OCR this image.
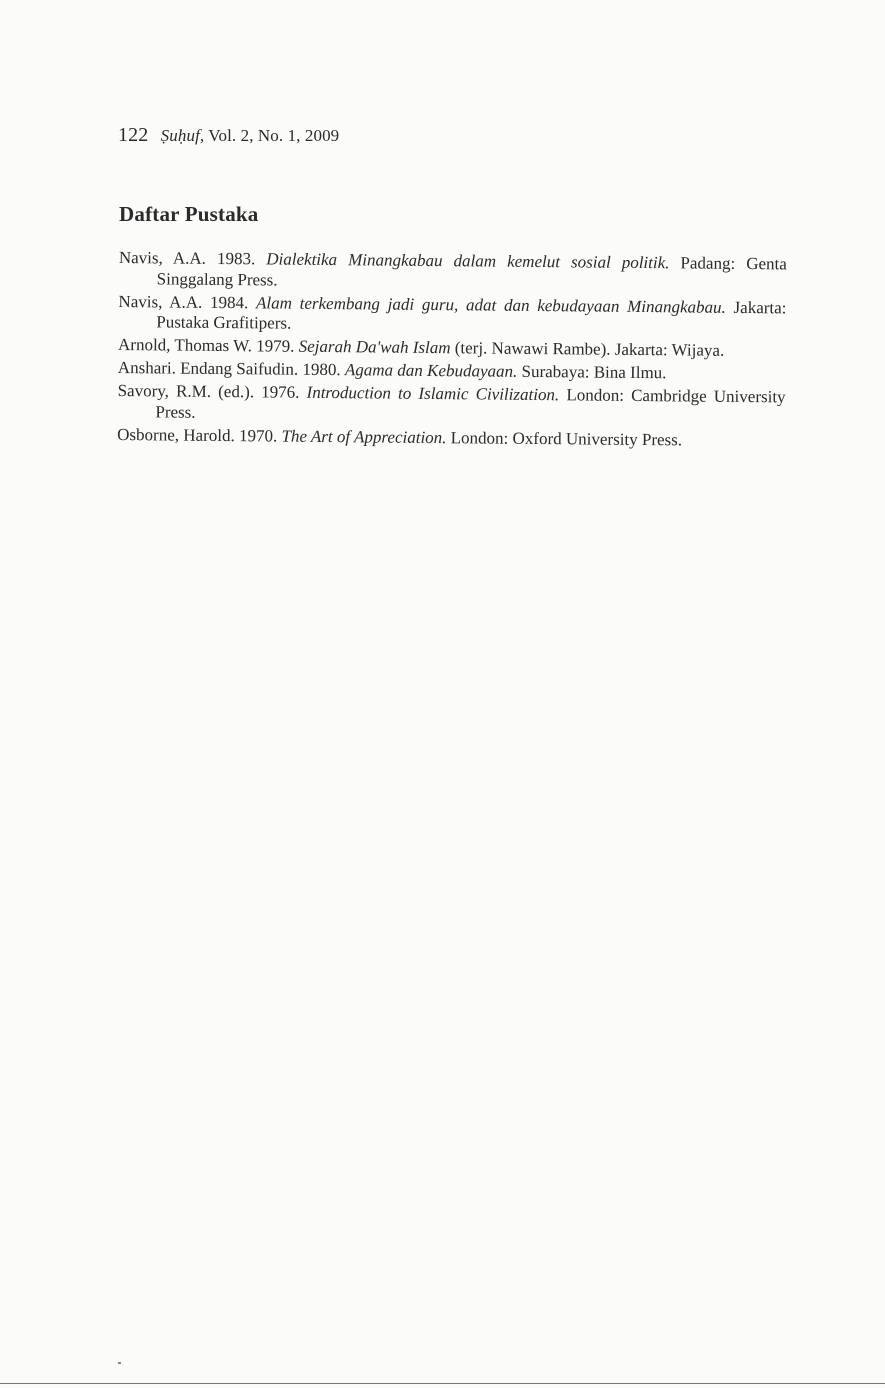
122 Ṣuḥuf, Vol. 2, No. 1, 2009
Daftar Pustaka

Navis, A.A. 1983. Dialektika Minangkabau dalam kemelut sosial politik. Padang: Genta Singgalang Press.

Navis, A.A. 1984. Alam terkembang jadi guru, adat dan kebudayaan Minangkabau. Jakarta: Pustaka Grafitipers.

Arnold, Thomas W. 1979. Sejarah Da'wah Islam (terj. Nawawi Rambe). Jakarta: Wijaya.

Anshari. Endang Saifudin. 1980. Agama dan Kebudayaan. Surabaya: Bina Ilmu.

Savory, R.M. (ed.). 1976. Introduction to Islamic Civilization. London: Cambridge University Press.

Osborne, Harold. 1970. The Art of Appreciation. London: Oxford University Press.
